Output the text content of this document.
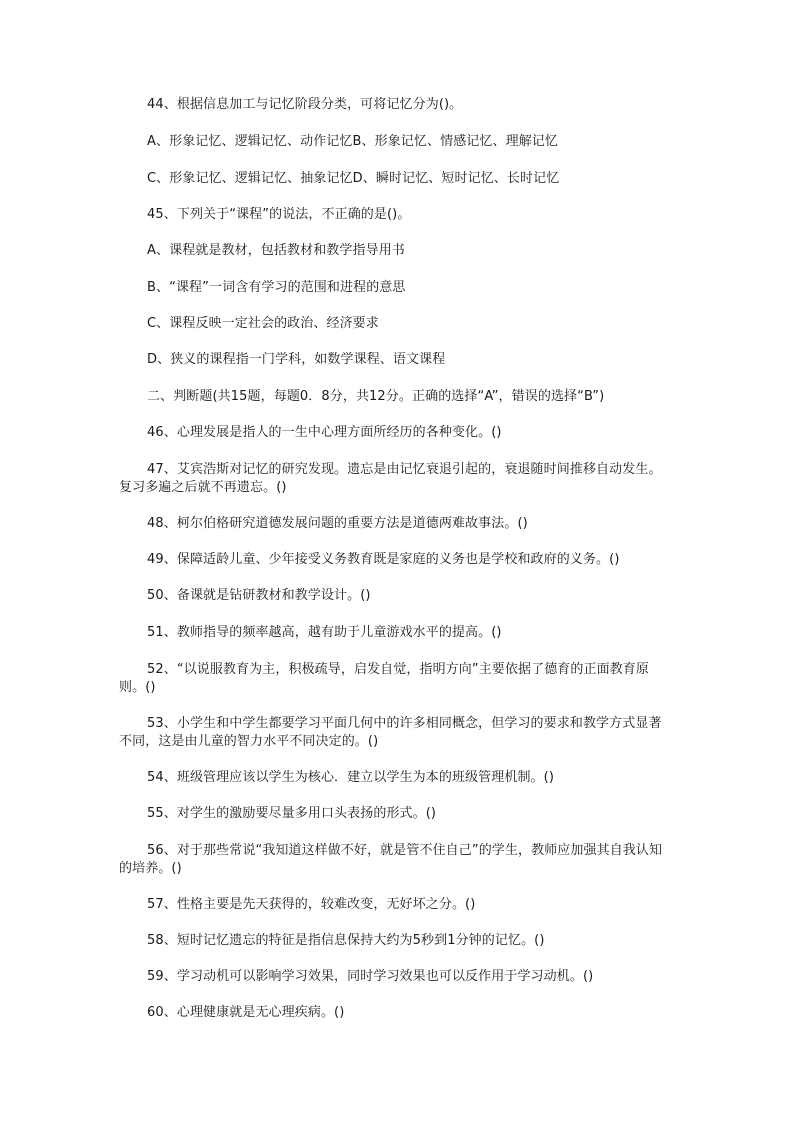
44、根据信息加工与记忆阶段分类，可将记忆分为()。
A、形象记忆、逻辑记忆、动作记忆B、形象记忆、情感记忆、理解记忆
C、形象记忆、逻辑记忆、抽象记忆D、瞬时记忆、短时记忆、长时记忆
45、下列关于“课程”的说法，不正确的是()。
A、课程就是教材，包括教材和教学指导用书
B、“课程”一词含有学习的范围和进程的意思
C、课程反映一定社会的政治、经济要求
D、狭义的课程指一门学科，如数学课程、语文课程
二、判断题(共15题，每题0．8分，共12分。正确的选择“A”，错误的选择“B”)
46、心理发展是指人的一生中心理方面所经历的各种变化。()
47、艾宾浩斯对记忆的研究发现。遗忘是由记忆衰退引起的，衰退随时间推移自动发生。复习多遍之后就不再遗忘。()
48、柯尔伯格研究道德发展问题的重要方法是道德两难故事法。()
49、保障适龄儿童、少年接受义务教育既是家庭的义务也是学校和政府的义务。()
50、备课就是钻研教材和教学设计。()
51、教师指导的频率越高，越有助于儿童游戏水平的提高。()
52、“以说服教育为主，积极疏导，启发自觉，指明方向”主要依据了德育的正面教育原则。()
53、小学生和中学生都要学习平面几何中的许多相同概念，但学习的要求和教学方式显著不同，这是由儿童的智力水平不同决定的。()
54、班级管理应该以学生为核心．建立以学生为本的班级管理机制。()
55、对学生的激励要尽量多用口头表扬的形式。()
56、对于那些常说“我知道这样做不好，就是管不住自己”的学生，教师应加强其自我认知的培养。()
57、性格主要是先天获得的，较难改变，无好坏之分。()
58、短时记忆遗忘的特征是指信息保持大约为5秒到1分钟的记忆。()
59、学习动机可以影响学习效果，同时学习效果也可以反作用于学习动机。()
60、心理健康就是无心理疾病。()
